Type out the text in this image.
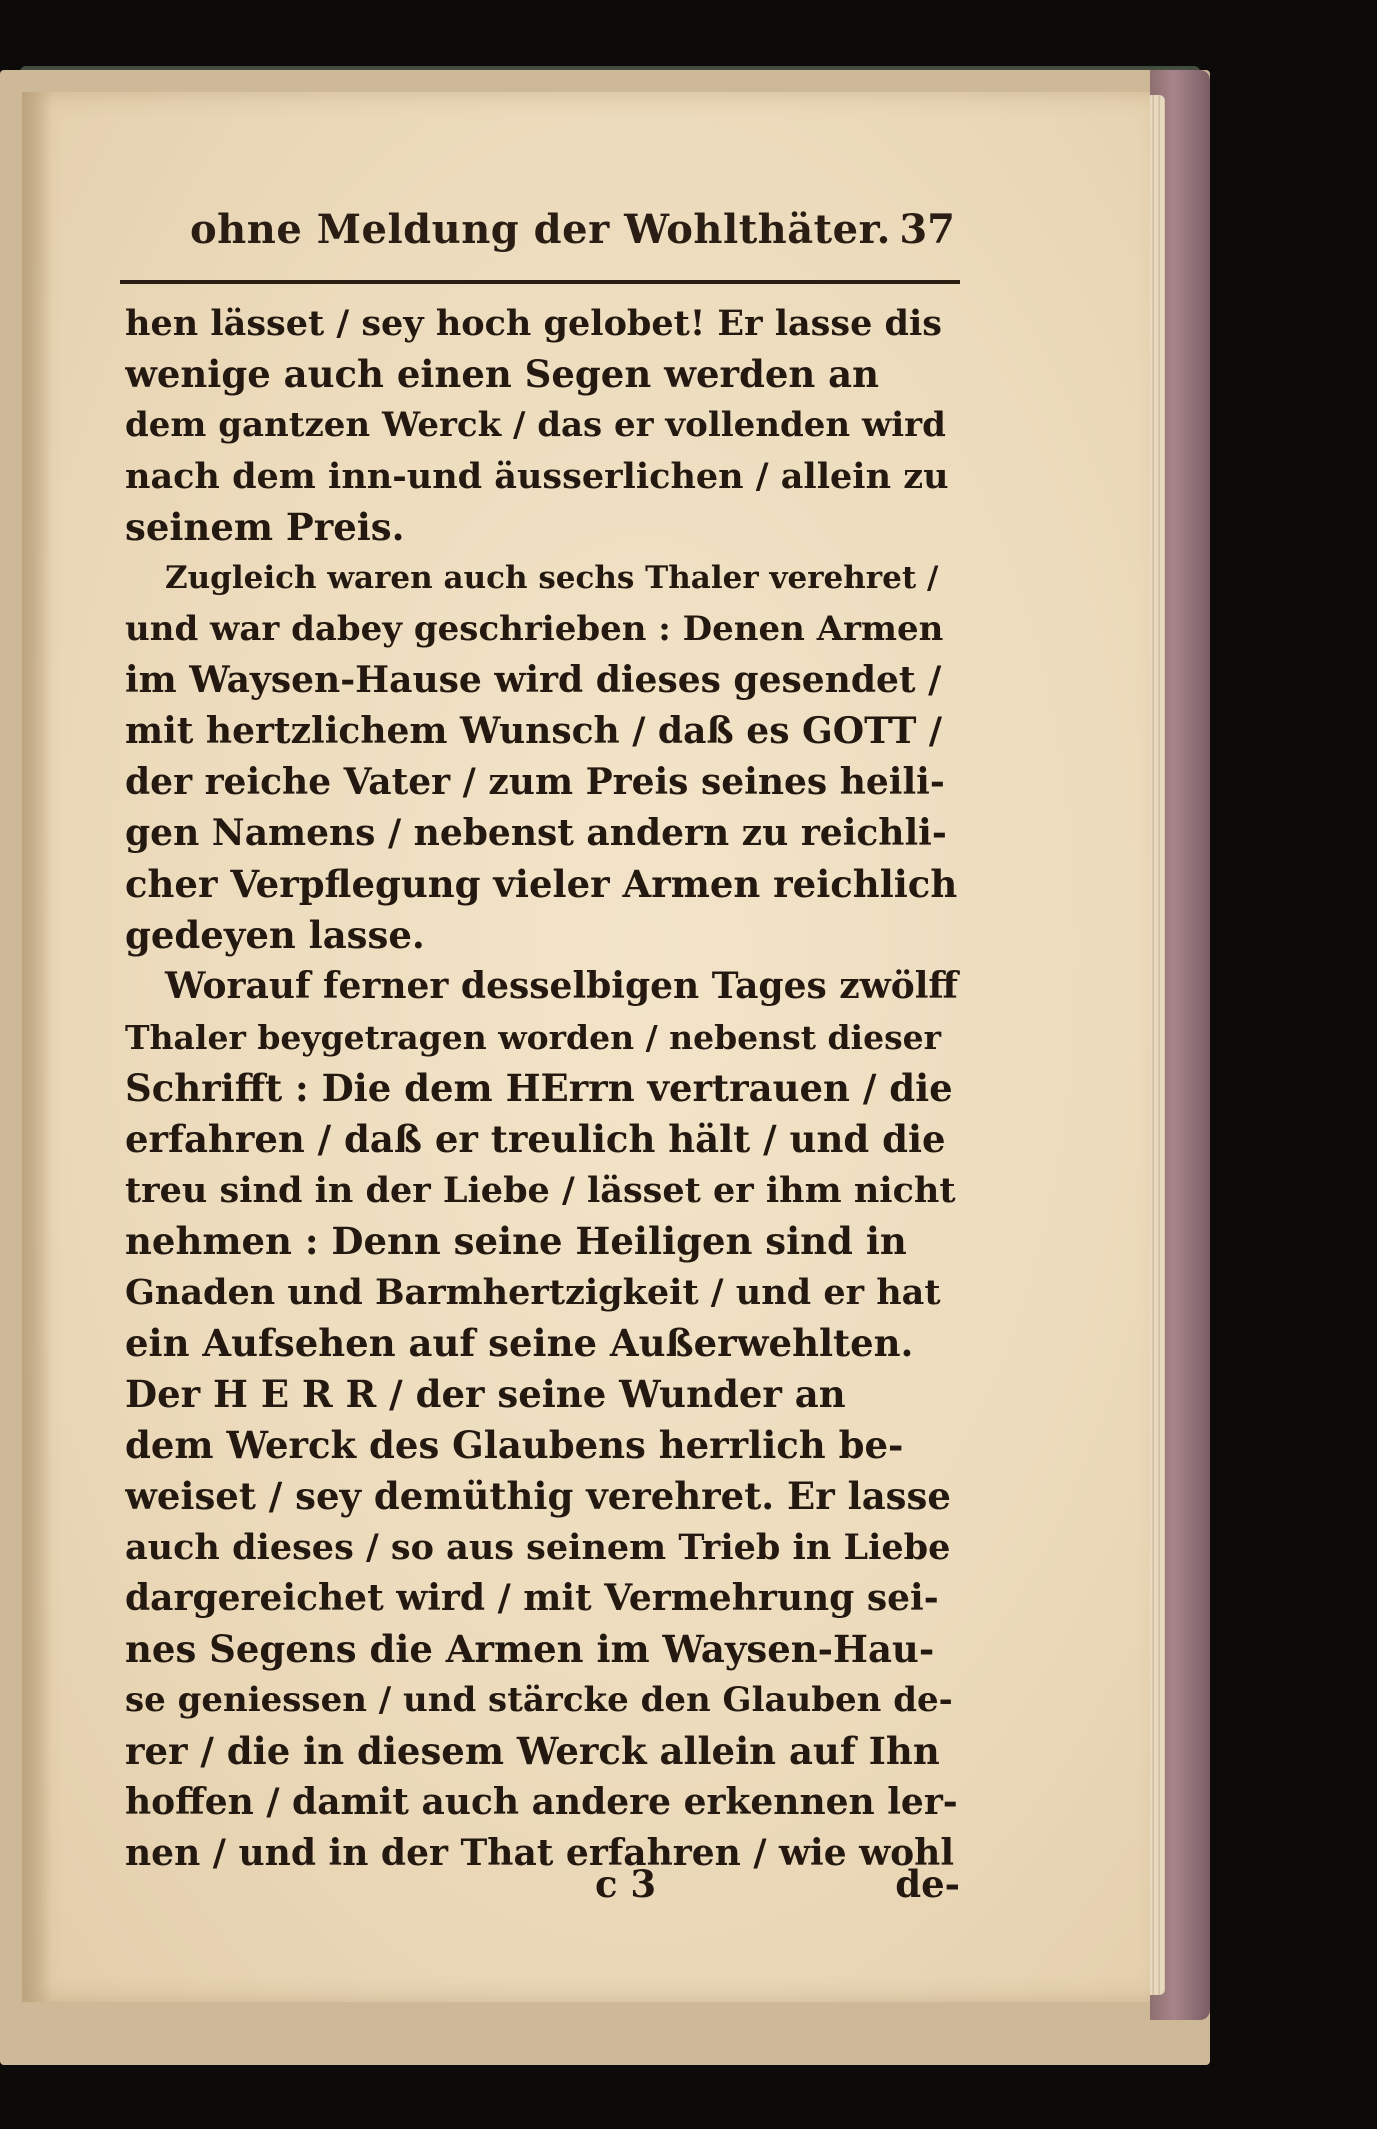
ohne Meldung der Wohlthäter. 37
hen lässet / sey hoch gelobet! Er lasse dis
wenige auch einen Segen werden an
dem gantzen Werck / das er vollenden wird
nach dem inn-und äusserlichen / allein zu
seinem Preis.
Zugleich waren auch sechs Thaler verehret /
und war dabey geschrieben : Denen Armen
im Waysen-Hause wird dieses gesendet /
mit hertzlichem Wunsch / daß es GOTT /
der reiche Vater / zum Preis seines heili-
gen Namens / nebenst andern zu reichli-
cher Verpflegung vieler Armen reichlich
gedeyen lasse.
Worauf ferner desselbigen Tages zwölff
Thaler beygetragen worden / nebenst dieser
Schrifft : Die dem HErrn vertrauen / die
erfahren / daß er treulich hält / und die
treu sind in der Liebe / lässet er ihm nicht
nehmen : Denn seine Heiligen sind in
Gnaden und Barmhertzigkeit / und er hat
ein Aufsehen auf seine Außerwehlten.
Der H E R R / der seine Wunder an
dem Werck des Glaubens herrlich be-
weiset / sey demüthig verehret. Er lasse
auch dieses / so aus seinem Trieb in Liebe
dargereichet wird / mit Vermehrung sei-
nes Segens die Armen im Waysen-Hau-
se geniessen / und stärcke den Glauben de-
rer / die in diesem Werck allein auf Ihn
hoffen / damit auch andere erkennen ler-
nen / und in der That erfahren / wie wohl
c 3	de-
